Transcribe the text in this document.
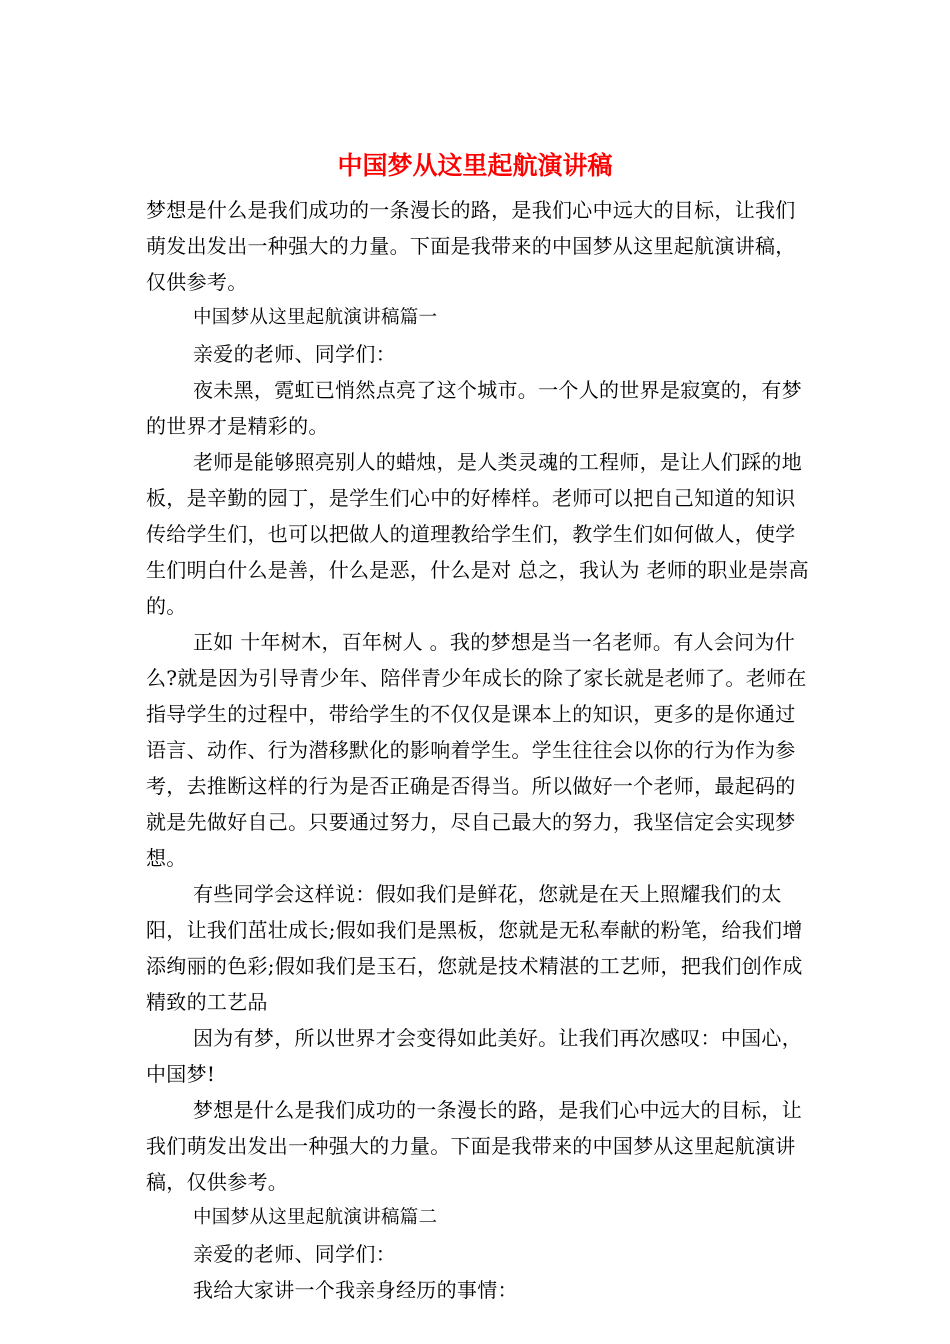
中国梦从这里起航演讲稿

梦想是什么是我们成功的一条漫长的路，是我们心中远大的目标，让我们萌发出发出一种强大的力量。下面是我带来的中国梦从这里起航演讲稿，仅供参考。

中国梦从这里起航演讲稿篇一

亲爱的老师、同学们：

夜未黑，霓虹已悄然点亮了这个城市。一个人的世界是寂寞的，有梦的世界才是精彩的。

老师是能够照亮别人的蜡烛，是人类灵魂的工程师，是让人们踩的地板，是辛勤的园丁，是学生们心中的好棒样。老师可以把自己知道的知识传给学生们，也可以把做人的道理教给学生们，教学生们如何做人，使学生们明白什么是善，什么是恶，什么是对 总之，我认为 老师的职业是崇高的。

正如 十年树木，百年树人 。我的梦想是当一名老师。有人会问为什么?就是因为引导青少年、陪伴青少年成长的除了家长就是老师了。老师在指导学生的过程中，带给学生的不仅仅是课本上的知识，更多的是你通过语言、动作、行为潜移默化的影响着学生。学生往往会以你的行为作为参考，去推断这样的行为是否正确是否得当。所以做好一个老师，最起码的就是先做好自己。只要通过努力，尽自己最大的努力，我坚信定会实现梦想。

有些同学会这样说：假如我们是鲜花，您就是在天上照耀我们的太阳，让我们茁壮成长;假如我们是黑板，您就是无私奉献的粉笔，给我们增添绚丽的色彩;假如我们是玉石，您就是技术精湛的工艺师，把我们创作成精致的工艺品

因为有梦，所以世界才会变得如此美好。让我们再次感叹：中国心，中国梦!

梦想是什么是我们成功的一条漫长的路，是我们心中远大的目标，让我们萌发出发出一种强大的力量。下面是我带来的中国梦从这里起航演讲稿，仅供参考。

中国梦从这里起航演讲稿篇二

亲爱的老师、同学们：

我给大家讲一个我亲身经历的事情：
